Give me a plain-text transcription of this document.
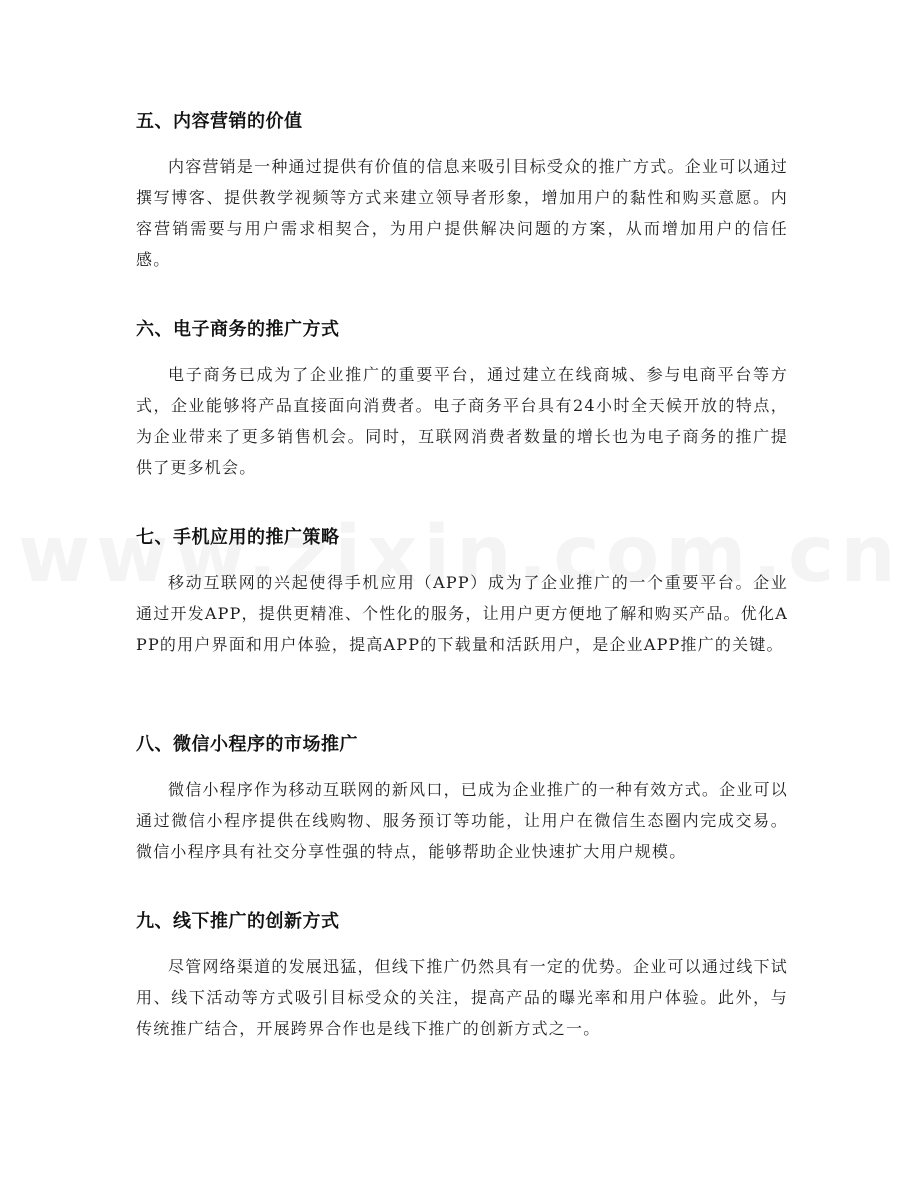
五、内容营销的价值

内容营销是一种通过提供有价值的信息来吸引目标受众的推广方式。企业可以通过撰写博客、提供教学视频等方式来建立领导者形象，增加用户的黏性和购买意愿。内容营销需要与用户需求相契合，为用户提供解决问题的方案，从而增加用户的信任感。

六、电子商务的推广方式

电子商务已成为了企业推广的重要平台，通过建立在线商城、参与电商平台等方式，企业能够将产品直接面向消费者。电子商务平台具有24小时全天候开放的特点，为企业带来了更多销售机会。同时，互联网消费者数量的增长也为电子商务的推广提供了更多机会。

七、手机应用的推广策略

移动互联网的兴起使得手机应用（APP）成为了企业推广的一个重要平台。企业通过开发APP，提供更精准、个性化的服务，让用户更方便地了解和购买产品。优化APP的用户界面和用户体验，提高APP的下载量和活跃用户，是企业APP推广的关键。

八、微信小程序的市场推广

微信小程序作为移动互联网的新风口，已成为企业推广的一种有效方式。企业可以通过微信小程序提供在线购物、服务预订等功能，让用户在微信生态圈内完成交易。微信小程序具有社交分享性强的特点，能够帮助企业快速扩大用户规模。

九、线下推广的创新方式

尽管网络渠道的发展迅猛，但线下推广仍然具有一定的优势。企业可以通过线下试用、线下活动等方式吸引目标受众的关注，提高产品的曝光率和用户体验。此外，与传统推广结合，开展跨界合作也是线下推广的创新方式之一。
